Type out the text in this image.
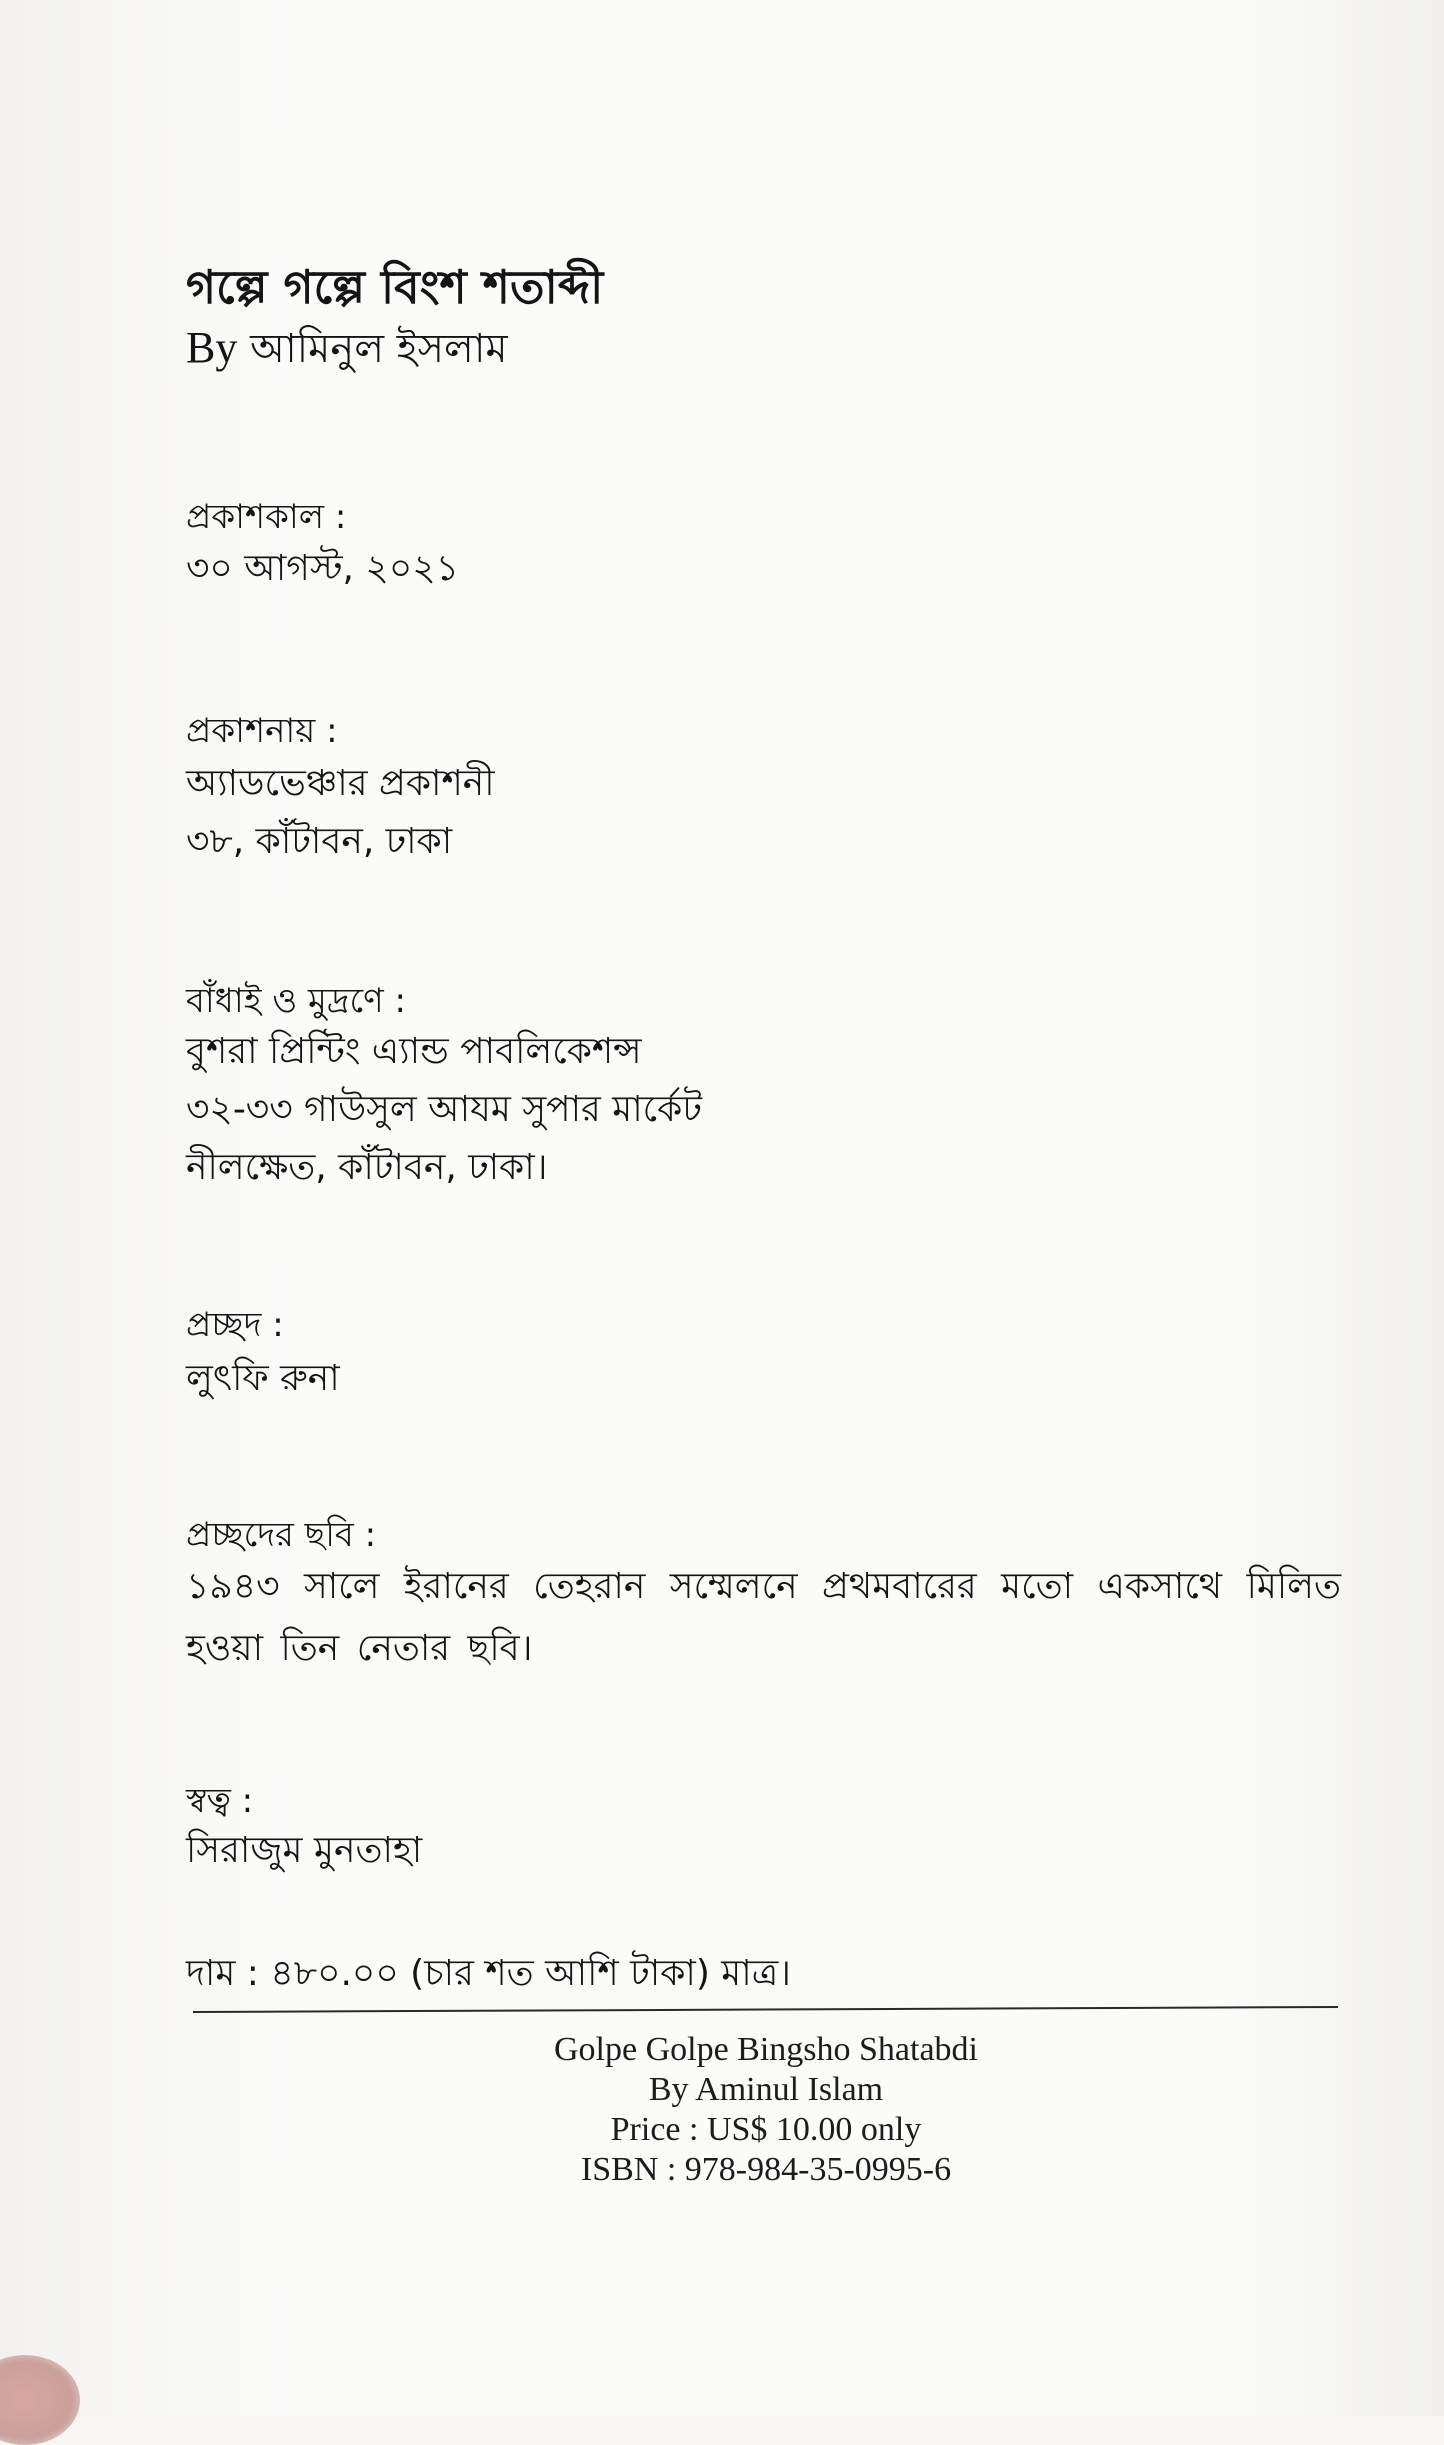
গল্পে গল্পে বিংশ শতাব্দী
By আমিনুল ইসলাম
প্রকাশকাল :
৩০ আগস্ট, ২০২১
প্রকাশনায় :
অ্যাডভেঞ্চার প্রকাশনী
৩৮, কাঁটাবন, ঢাকা
বাঁধাই ও মুদ্রণে :
বুশরা প্রিন্টিং এ্যান্ড পাবলিকেশন্স
৩২-৩৩ গাউসুল আযম সুপার মার্কেট
নীলক্ষেত, কাঁটাবন, ঢাকা।
প্রচ্ছদ :
লুৎফি রুনা
প্রচ্ছদের ছবি :
১৯৪৩ সালে ইরানের তেহরান সম্মেলনে প্রথমবারের মতো একসাথে মিলিত হওয়া তিন নেতার ছবি।
স্বত্ব :
সিরাজুম মুনতাহা
দাম : ৪৮০.০০ (চার শত আশি টাকা) মাত্র।
Golpe Golpe Bingsho Shatabdi
By Aminul Islam
Price : US$ 10.00 only
ISBN : 978-984-35-0995-6
